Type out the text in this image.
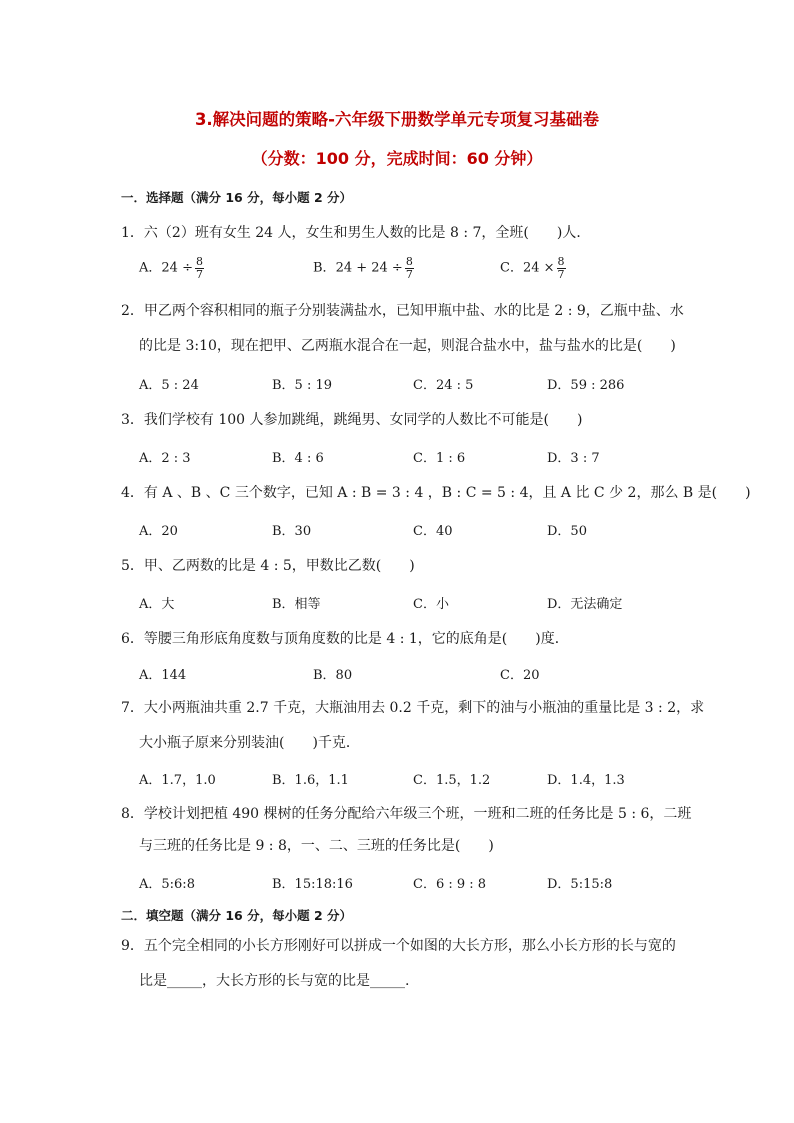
3.解决问题的策略-六年级下册数学单元专项复习基础卷
（分数：100 分，完成时间：60 分钟）
一．选择题（满分 16 分，每小题 2 分）
1．六（2）班有女生 24 人，女生和男生人数的比是 8 : 7，全班(　　)人．
A．$24 \div \frac{8}{7}$	B．$24 + 24 \div \frac{8}{7}$	C．$24 \times \frac{8}{7}$
2．甲乙两个容积相同的瓶子分别装满盐水，已知甲瓶中盐、水的比是 2 : 9，乙瓶中盐、水
的比是 3:10，现在把甲、乙两瓶水混合在一起，则混合盐水中，盐与盐水的比是(　　)
A．5 : 24	B．5 : 19	C．24 : 5	D．59 : 286
3．我们学校有 100 人参加跳绳，跳绳男、女同学的人数比不可能是(　　)
A．2 : 3	B．4 : 6	C．1 : 6	D．3 : 7
4．有 A 、B 、C 三个数字，已知 A : B = 3 : 4 ，B : C = 5 : 4，且 A 比 C 少 2，那么 B 是(　　)
A．20	B．30	C．40	D．50
5．甲、乙两数的比是 4 : 5，甲数比乙数(　　)
A．大	B．相等	C．小	D．无法确定
6．等腰三角形底角度数与顶角度数的比是 4 : 1，它的底角是(　　)度．
A．144	B．80	C．20
7．大小两瓶油共重 2.7 千克，大瓶油用去 0.2 千克，剩下的油与小瓶油的重量比是 3 : 2，求
大小瓶子原来分别装油(　　)千克．
A．1.7，1.0	B．1.6，1.1	C．1.5，1.2	D．1.4，1.3
8．学校计划把植 490 棵树的任务分配给六年级三个班，一班和二班的任务比是 5 : 6，二班
与三班的任务比是 9 : 8，一、二、三班的任务比是(　　)
A．5:6:8	B．15:18:16	C．6 : 9 : 8	D．5:15:8
二．填空题（满分 16 分，每小题 2 分）
9．五个完全相同的小长方形刚好可以拼成一个如图的大长方形，那么小长方形的长与宽的
比是_____，大长方形的长与宽的比是_____.
